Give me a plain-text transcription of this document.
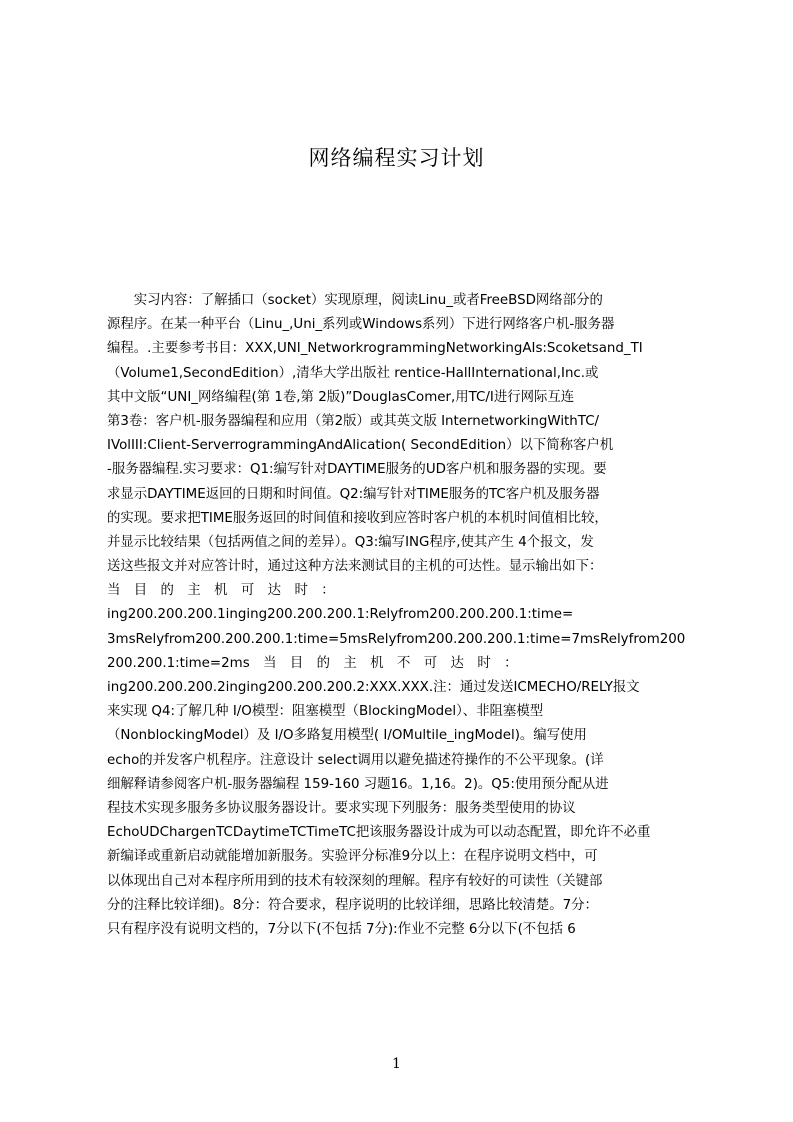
网络编程实习计划
　　实习内容：了解插口（socket）实现原理，阅读Linu_或者FreeBSD网络部分的
源程序。在某一种平台（Linu_,Uni_系列或Windows系列）下进行网络客户机-服务器
编程。.主要参考书目：XXX,UNI_NetworkrogrammingNetworkingAIs:Scoketsand_TI
（Volume1,SecondEdition）,清华大学出版社 rentice-HallInternational,Inc.或
其中文版“UNI_网络编程(第 1卷,第 2版)”DouglasComer,用TC/I进行网际互连
第3卷：客户机-服务器编程和应用（第2版）或其英文版 InternetworkingWithTC/
IVolIII:Client-ServerrogrammingAndAlication( SecondEdition）以下简称客户机
-服务器编程.实习要求：Q1:编写针对DAYTIME服务的UD客户机和服务器的实现。要
求显示DAYTIME返回的日期和时间值。Q2:编写针对TIME服务的TC客户机及服务器
的实现。要求把TIME服务返回的时间值和接收到应答时客户机的本机时间值相比较，
并显示比较结果（包括两值之间的差异）。Q3:编写ING程序,使其产生 4个报文，发
送这些报文并对应答计时，通过这种方法来测试目的主机的可达性。显示输出如下：
当　目　的　主　机　可　达　时　：
ing200.200.200.1inging200.200.200.1:Relyfrom200.200.200.1:time=
3msRelyfrom200.200.200.1:time=5msRelyfrom200.200.200.1:time=7msRelyfrom200
200.200.1:time=2ms　当　目　的　主　机　不　可　达　时　：
ing200.200.200.2inging200.200.200.2:XXX.XXX.注：通过发送ICMECHO/RELY报文
来实现 Q4:了解几种 I/O模型：阻塞模型（BlockingModel）、非阻塞模型
（NonblockingModel）及 I/O多路复用模型( I/OMultile_ingModel)。编写使用
echo的并发客户机程序。注意设计 select调用以避免描述符操作的不公平现象。(详
细解释请参阅客户机-服务器编程 159-160 习题16。1,16。2)。Q5:使用预分配从进
程技术实现多服务多协议服务器设计。要求实现下列服务：服务类型使用的协议
EchoUDChargenTCDaytimeTCTimeTC把该服务器设计成为可以动态配置，即允许不必重
新编译或重新启动就能增加新服务。实验评分标准9分以上：在程序说明文档中，可
以体现出自己对本程序所用到的技术有较深刻的理解。程序有较好的可读性（关键部
分的注释比较详细)。8分：符合要求，程序说明的比较详细，思路比较清楚。7分：
只有程序没有说明文档的，7分以下(不包括 7分):作业不完整 6分以下(不包括 6
1
